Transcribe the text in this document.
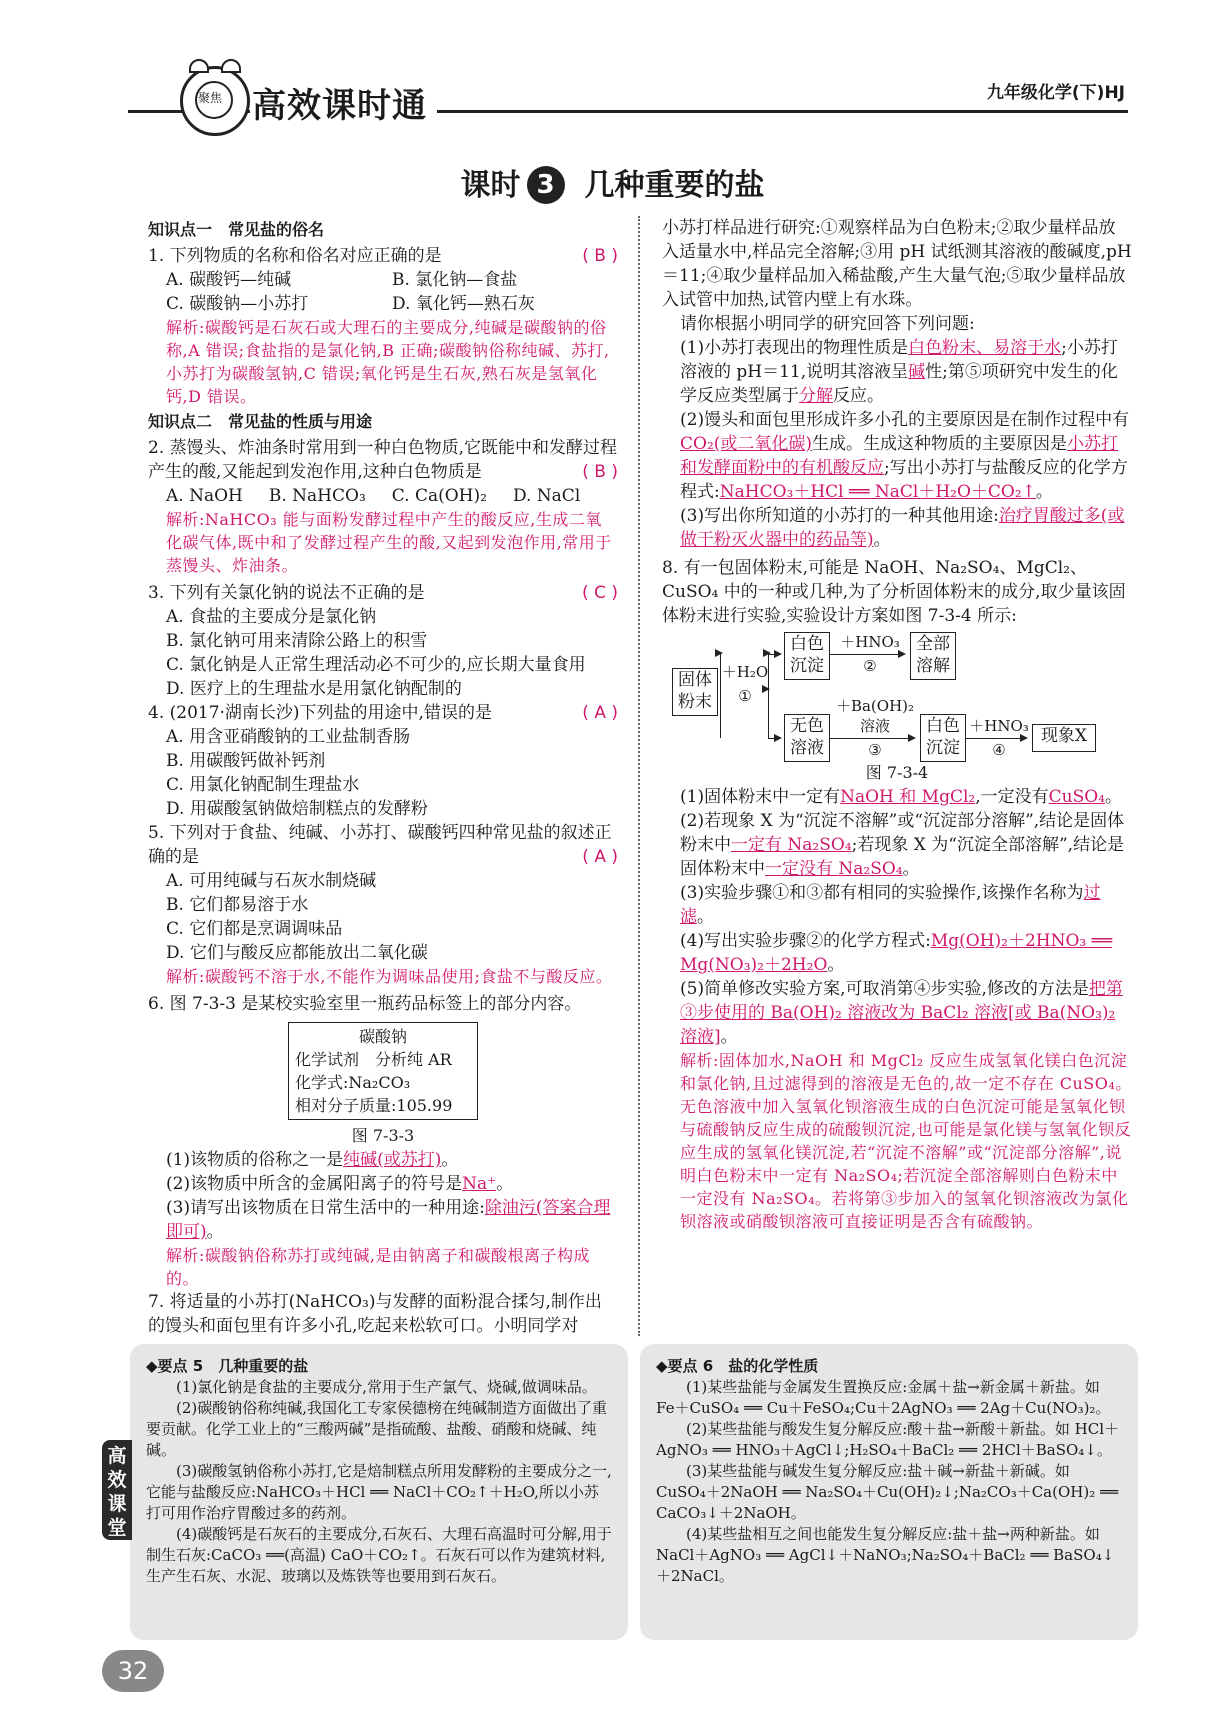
聚焦 高效课时通	九年级化学(下)HJ
课时 3 几种重要的盐
知识点一　常见盐的俗名
( B )
1. 下列物质的名称和俗名对应正确的是
A. 碳酸钙—纯碱	B. 氯化钠—食盐
C. 碳酸钠—小苏打	D. 氧化钙—熟石灰
解析:碳酸钙是石灰石或大理石的主要成分,纯碱是碳酸钠的俗称,A 错误;食盐指的是氯化钠,B 正确;碳酸钠俗称纯碱、苏打,小苏打为碳酸氢钠,C 错误;氧化钙是生石灰,熟石灰是氢氧化钙,D 错误。
知识点二　常见盐的性质与用途
2. 蒸馒头、炸油条时常用到一种白色物质,它既能中和发酵过程产生的酸,又能起到发泡作用,这种白色物质是	( B )
A. NaOH B. NaHCO₃ C. Ca(OH)₂ D. NaCl
解析:NaHCO₃ 能与面粉发酵过程中产生的酸反应,生成二氧化碳气体,既中和了发酵过程产生的酸,又起到发泡作用,常用于蒸馒头、炸油条。
( C )
3. 下列有关氯化钠的说法不正确的是
A. 食盐的主要成分是氯化钠
B. 氯化钠可用来清除公路上的积雪
C. 氯化钠是人正常生理活动必不可少的,应长期大量食用
D. 医疗上的生理盐水是用氯化钠配制的
( A )
4. (2017·湖南长沙)下列盐的用途中,错误的是
A. 用含亚硝酸钠的工业盐制香肠
B. 用碳酸钙做补钙剂
C. 用氯化钠配制生理盐水
D. 用碳酸氢钠做焙制糕点的发酵粉
5. 下列对于食盐、纯碱、小苏打、碳酸钙四种常见盐的叙述正确的是	( A )
A. 可用纯碱与石灰水制烧碱
B. 它们都易溶于水
C. 它们都是烹调调味品
D. 它们与酸反应都能放出二氧化碳
解析:碳酸钙不溶于水,不能作为调味品使用;食盐不与酸反应。
6. 图 7-3-3 是某校实验室里一瓶药品标签上的部分内容。
碳酸钠
化学试剂　分析纯 AR
化学式:Na₂CO₃
相对分子质量:105.99
图 7-3-3
(1)该物质的俗称之一是纯碱(或苏打)。
(2)该物质中所含的金属阳离子的符号是Na⁺。
(3)请写出该物质在日常生活中的一种用途:除油污(答案合理即可)。
解析:碳酸钠俗称苏打或纯碱,是由钠离子和碳酸根离子构成的。
7. 将适量的小苏打(NaHCO₃)与发酵的面粉混合揉匀,制作出的馒头和面包里有许多小孔,吃起来松软可口。小明同学对
小苏打样品进行研究:①观察样品为白色粉末;②取少量样品放入适量水中,样品完全溶解;③用 pH 试纸测其溶液的酸碱度,pH＝11;④取少量样品加入稀盐酸,产生大量气泡;⑤取少量样品放入试管中加热,试管内壁上有水珠。
请你根据小明同学的研究回答下列问题:
(1)小苏打表现出的物理性质是白色粉末、易溶于水;小苏打溶液的 pH＝11,说明其溶液呈碱性;第⑤项研究中发生的化学反应类型属于分解反应。
(2)馒头和面包里形成许多小孔的主要原因是在制作过程中有CO₂(或二氧化碳)生成。生成这种物质的主要原因是小苏打和发酵面粉中的有机酸反应;写出小苏打与盐酸反应的化学方程式:NaHCO₃＋HCl ══ NaCl＋H₂O＋CO₂↑。
(3)写出你所知道的小苏打的一种其他用途:治疗胃酸过多(或做干粉灭火器中的药品等)。
8. 有一包固体粉末,可能是 NaOH、Na₂SO₄、MgCl₂、CuSO₄ 中的一种或几种,为了分析固体粉末的成分,取少量该固体粉末进行实验,实验设计方案如图 7-3-4 所示:
固体粉末
＋H₂O
①
白色沉淀
＋HNO₃
②
全部溶解
无色溶液
＋Ba(OH)₂
溶液
③
白色沉淀
＋HNO₃
④
现象X
图 7-3-4
(1)固体粉末中一定有NaOH 和 MgCl₂,一定没有CuSO₄。
(2)若现象 X 为“沉淀不溶解”或“沉淀部分溶解”,结论是固体粉末中一定有 Na₂SO₄;若现象 X 为“沉淀全部溶解”,结论是固体粉末中一定没有 Na₂SO₄。
(3)实验步骤①和③都有相同的实验操作,该操作名称为过滤。
(4)写出实验步骤②的化学方程式:Mg(OH)₂＋2HNO₃ ══ Mg(NO₃)₂＋2H₂O。
(5)简单修改实验方案,可取消第④步实验,修改的方法是把第③步使用的 Ba(OH)₂ 溶液改为 BaCl₂ 溶液[或 Ba(NO₃)₂ 溶液]。
解析:固体加水,NaOH 和 MgCl₂ 反应生成氢氧化镁白色沉淀和氯化钠,且过滤得到的溶液是无色的,故一定不存在 CuSO₄。无色溶液中加入氢氧化钡溶液生成的白色沉淀可能是氢氧化钡与硫酸钠反应生成的硫酸钡沉淀,也可能是氯化镁与氢氧化钡反应生成的氢氧化镁沉淀,若“沉淀不溶解”或“沉淀部分溶解”,说明白色粉末中一定有 Na₂SO₄;若沉淀全部溶解则白色粉末中一定没有 Na₂SO₄。若将第③步加入的氢氧化钡溶液改为氯化钡溶液或硝酸钡溶液可直接证明是否含有硫酸钠。
◆要点 5　几种重要的盐

(1)氯化钠是食盐的主要成分,常用于生产氯气、烧碱,做调味品。

(2)碳酸钠俗称纯碱,我国化工专家侯德榜在纯碱制造方面做出了重要贡献。化学工业上的“三酸两碱”是指硫酸、盐酸、硝酸和烧碱、纯碱。

(3)碳酸氢钠俗称小苏打,它是焙制糕点所用发酵粉的主要成分之一,它能与盐酸反应:NaHCO₃＋HCl ══ NaCl＋CO₂↑＋H₂O,所以小苏打可用作治疗胃酸过多的药剂。

(4)碳酸钙是石灰石的主要成分,石灰石、大理石高温时可分解,用于制生石灰:CaCO₃ ══(高温) CaO＋CO₂↑。石灰石可以作为建筑材料,生产生石灰、水泥、玻璃以及炼铁等也要用到石灰石。

◆要点 6　盐的化学性质

(1)某些盐能与金属发生置换反应:金属＋盐→新金属＋新盐。如 Fe＋CuSO₄ ══ Cu＋FeSO₄;Cu＋2AgNO₃ ══ 2Ag＋Cu(NO₃)₂。

(2)某些盐能与酸发生复分解反应:酸＋盐→新酸＋新盐。如 HCl＋AgNO₃ ══ HNO₃＋AgCl↓;H₂SO₄＋BaCl₂ ══ 2HCl＋BaSO₄↓。

(3)某些盐能与碱发生复分解反应:盐＋碱→新盐＋新碱。如 CuSO₄＋2NaOH ══ Na₂SO₄＋Cu(OH)₂↓;Na₂CO₃＋Ca(OH)₂ ══ CaCO₃↓＋2NaOH。

(4)某些盐相互之间也能发生复分解反应:盐＋盐→两种新盐。如 NaCl＋AgNO₃ ══ AgCl↓＋NaNO₃;Na₂SO₄＋BaCl₂ ══ BaSO₄↓＋2NaCl。

高效课堂
32
